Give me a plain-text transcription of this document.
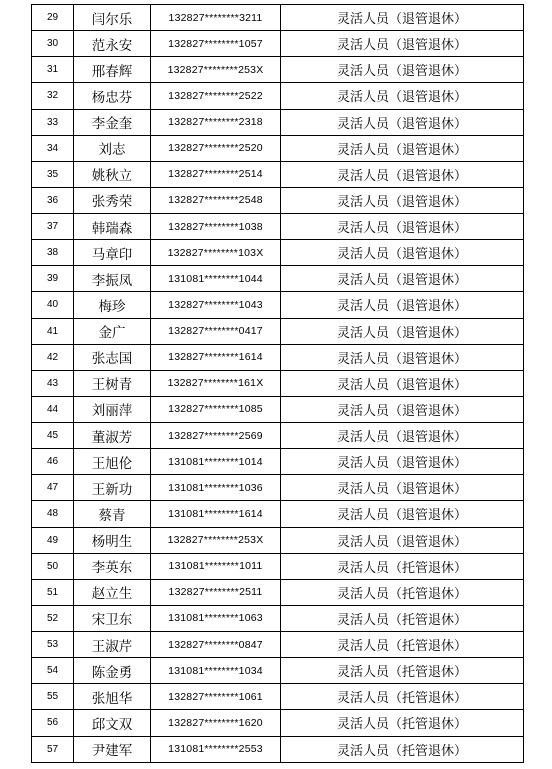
29	闫尔乐	132827********3211	灵活人员（退管退休）
30	范永安	132827********1057	灵活人员（退管退休）
31	邢春辉	132827********253X	灵活人员（退管退休）
32	杨忠芬	132827********2522	灵活人员（退管退休）
33	李金奎	132827********2318	灵活人员（退管退休）
34	刘志	132827********2520	灵活人员（退管退休）
35	姚秋立	132827********2514	灵活人员（退管退休）
36	张秀荣	132827********2548	灵活人员（退管退休）
37	韩瑞森	132827********1038	灵活人员（退管退休）
38	马章印	132827********103X	灵活人员（退管退休）
39	李振凤	131081********1044	灵活人员（退管退休）
40	梅珍	132827********1043	灵活人员（退管退休）
41	金广	132827********0417	灵活人员（退管退休）
42	张志国	132827********1614	灵活人员（退管退休）
43	王树青	132827********161X	灵活人员（退管退休）
44	刘丽萍	132827********1085	灵活人员（退管退休）
45	董淑芳	132827********2569	灵活人员（退管退休）
46	王旭伦	131081********1014	灵活人员（退管退休）
47	王新功	131081********1036	灵活人员（退管退休）
48	蔡青	131081********1614	灵活人员（退管退休）
49	杨明生	132827********253X	灵活人员（退管退休）
50	李英东	131081********1011	灵活人员（托管退休）
51	赵立生	132827********2511	灵活人员（托管退休）
52	宋卫东	131081********1063	灵活人员（托管退休）
53	王淑芹	132827********0847	灵活人员（托管退休）
54	陈金勇	131081********1034	灵活人员（托管退休）
55	张旭华	132827********1061	灵活人员（托管退休）
56	邱文双	132827********1620	灵活人员（托管退休）
57	尹建军	131081********2553	灵活人员（托管退休）
